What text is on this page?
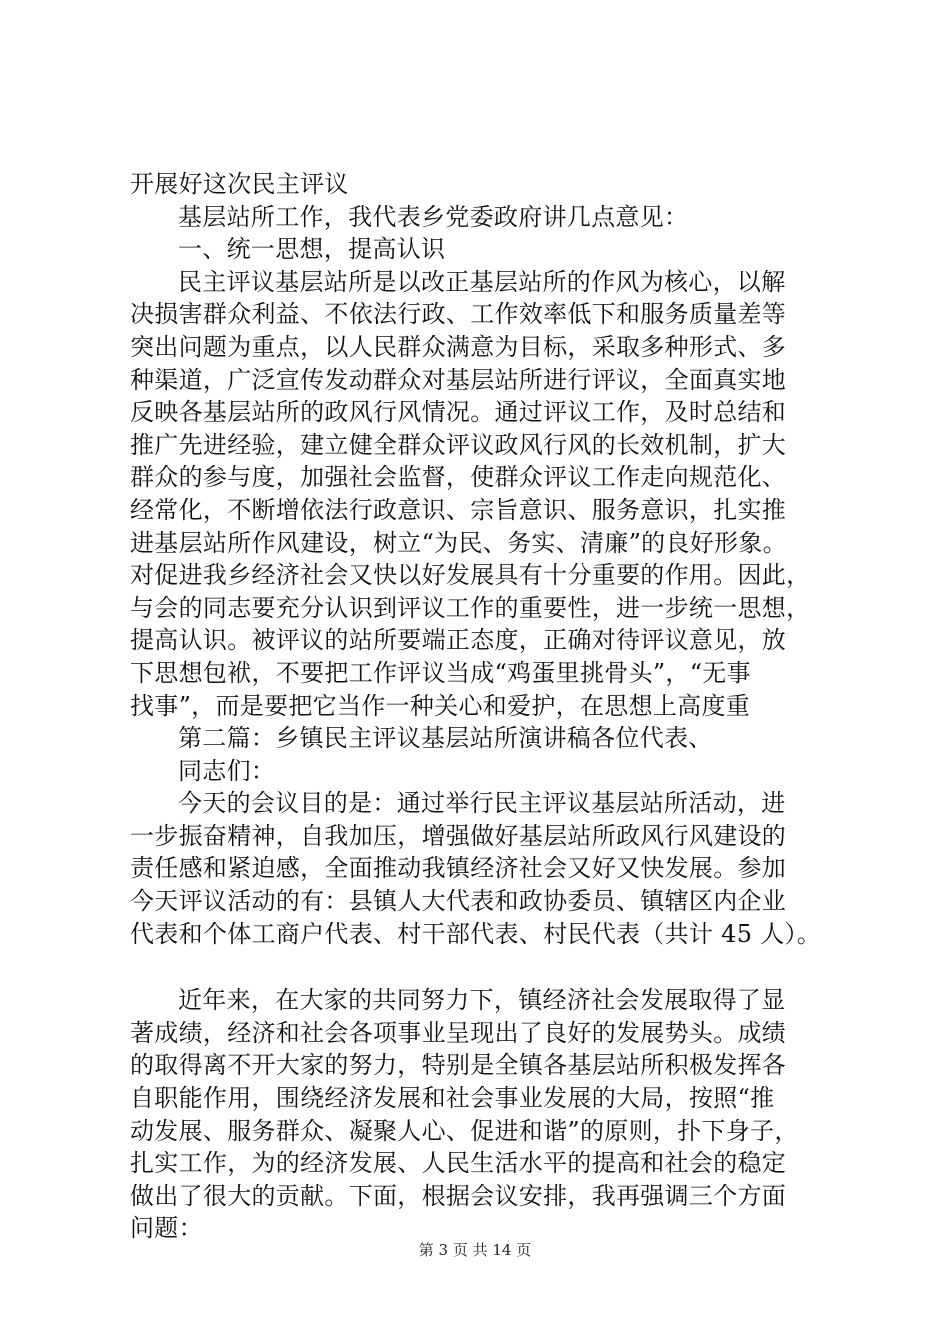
开展好这次民主评议
基层站所工作，我代表乡党委政府讲几点意见：
一、统一思想，提高认识
民主评议基层站所是以改正基层站所的作风为核心，以解
决损害群众利益、不依法行政、工作效率低下和服务质量差等
突出问题为重点，以人民群众满意为目标，采取多种形式、多
种渠道，广泛宣传发动群众对基层站所进行评议，全面真实地
反映各基层站所的政风行风情况。通过评议工作，及时总结和
推广先进经验，建立健全群众评议政风行风的长效机制，扩大
群众的参与度，加强社会监督，使群众评议工作走向规范化、
经常化，不断增依法行政意识、宗旨意识、服务意识，扎实推
进基层站所作风建设，树立“为民、务实、清廉”的良好形象。
对促进我乡经济社会又快以好发展具有十分重要的作用。因此，
与会的同志要充分认识到评议工作的重要性，进一步统一思想，
提高认识。被评议的站所要端正态度，正确对待评议意见，放
下思想包袱，不要把工作评议当成“鸡蛋里挑骨头”，“无事
找事”，而是要把它当作一种关心和爱护，在思想上高度重
第二篇：乡镇民主评议基层站所演讲稿各位代表、
同志们：
今天的会议目的是：通过举行民主评议基层站所活动，进
一步振奋精神，自我加压，增强做好基层站所政风行风建设的
责任感和紧迫感，全面推动我镇经济社会又好又快发展。参加
今天评议活动的有：县镇人大代表和政协委员、镇辖区内企业
代表和个体工商户代表、村干部代表、村民代表（共计 45 人）。
近年来，在大家的共同努力下，镇经济社会发展取得了显
著成绩，经济和社会各项事业呈现出了良好的发展势头。成绩
的取得离不开大家的努力，特别是全镇各基层站所积极发挥各
自职能作用，围绕经济发展和社会事业发展的大局，按照“推
动发展、服务群众、凝聚人心、促进和谐”的原则，扑下身子，
扎实工作，为的经济发展、人民生活水平的提高和社会的稳定
做出了很大的贡献。下面，根据会议安排，我再强调三个方面
问题：
第 3 页 共 14 页
